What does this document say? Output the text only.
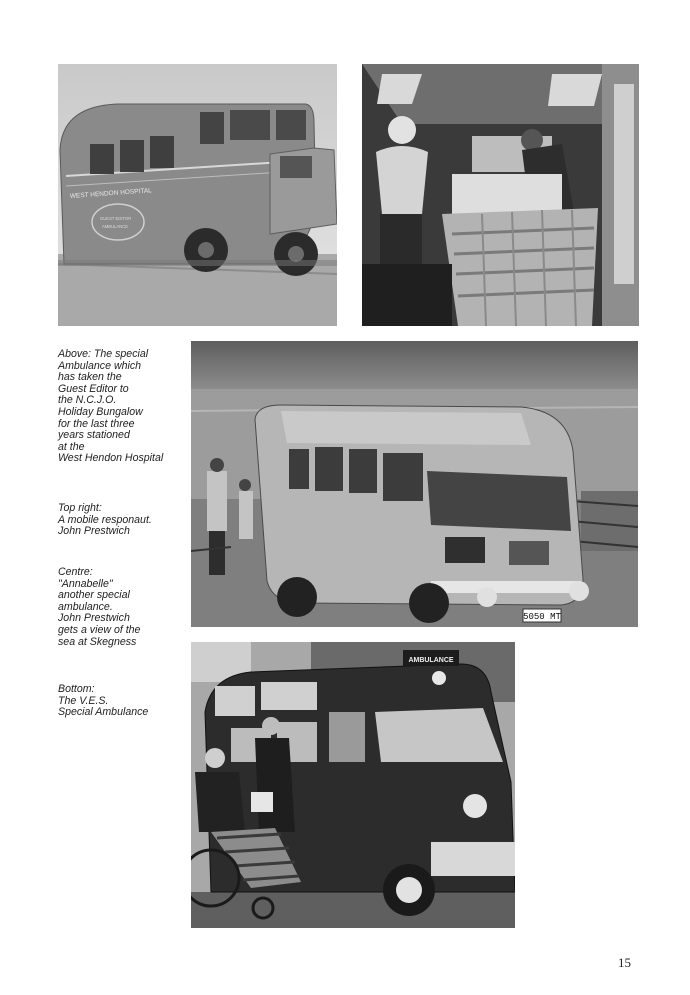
WEST HENDON HOSPITAL
GUEST EDITOR
AMBULANCE
5050 MT
AMBULANCE
Above: The special
Ambulance which
has taken the
Guest Editor to
the N.C.J.O.
Holiday Bungalow
for the last three
years stationed
at the
West Hendon Hospital
Top right:
A mobile responaut.
John Prestwich
Centre:
"Annabelle"
another special
ambulance.
John Prestwich
gets a view of the
sea at Skegness
Bottom:
The V.E.S.
Special Ambulance
15
